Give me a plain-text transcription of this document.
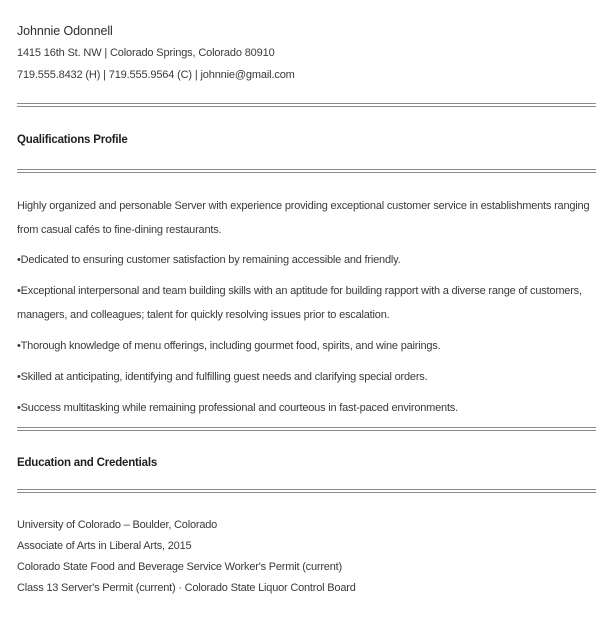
Johnnie Odonnell
1415 16th St. NW | Colorado Springs, Colorado 80910
719.555.8432 (H) | 719.555.9564 (C) | johnnie@gmail.com
Qualifications Profile
Highly organized and personable Server with experience providing exceptional customer service in establishments ranging from casual cafés to fine-dining restaurants.
•Dedicated to ensuring customer satisfaction by remaining accessible and friendly.
•Exceptional interpersonal and team building skills with an aptitude for building rapport with a diverse range of customers, managers, and colleagues; talent for quickly resolving issues prior to escalation.
•Thorough knowledge of menu offerings, including gourmet food, spirits, and wine pairings.
•Skilled at anticipating, identifying and fulfilling guest needs and clarifying special orders.
•Success multitasking while remaining professional and courteous in fast-paced environments.
Education and Credentials
University of Colorado – Boulder, Colorado
Associate of Arts in Liberal Arts, 2015
Colorado State Food and Beverage Service Worker's Permit (current)
Class 13 Server's Permit (current) · Colorado State Liquor Control Board
